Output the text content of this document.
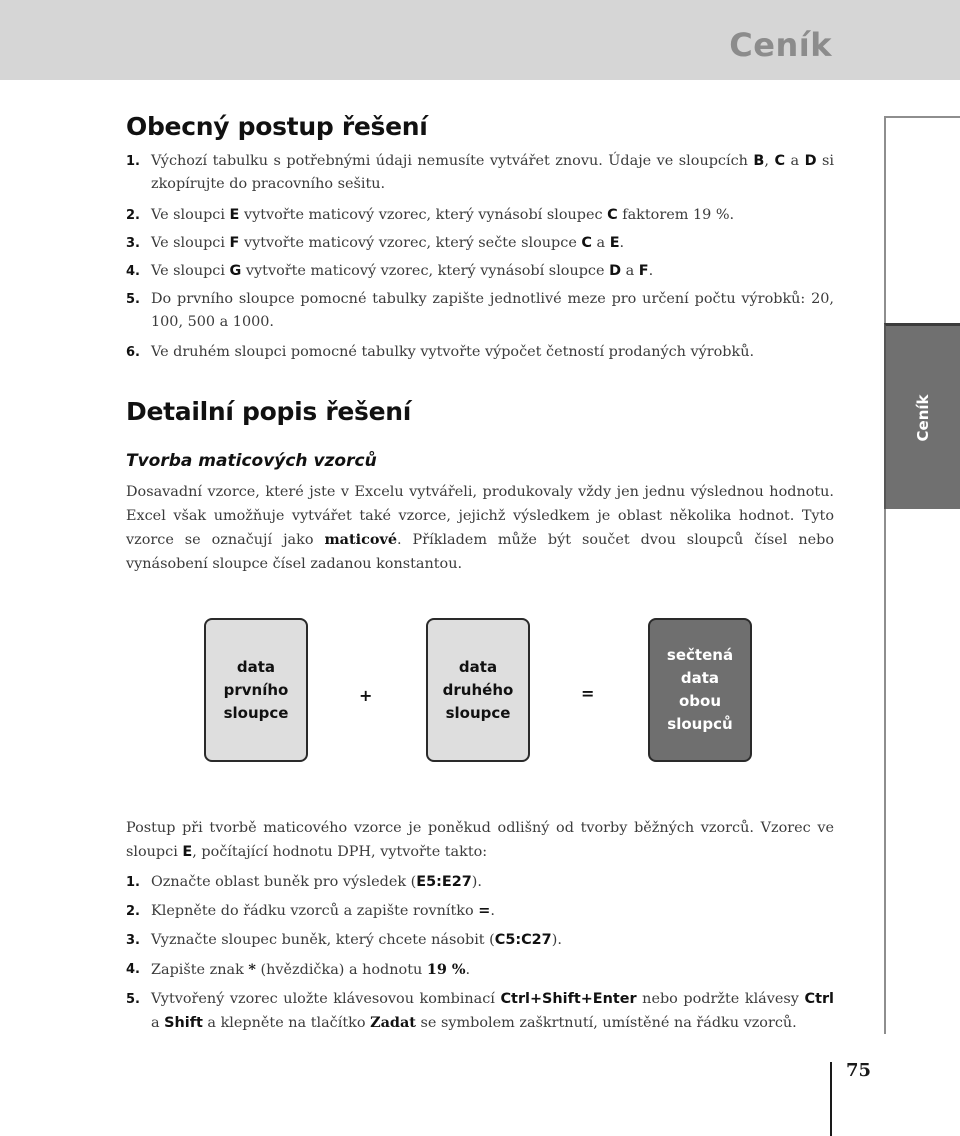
Ceník
Ceník
75
Obecný postup řešení
1. Výchozí tabulku s potřebnými údaji nemusíte vytvářet znovu. Údaje ve sloupcích B, C a D si zkopírujte do pracovního sešitu.
2. Ve sloupci E vytvořte maticový vzorec, který vynásobí sloupec C faktorem 19 %.
3. Ve sloupci F vytvořte maticový vzorec, který sečte sloupce C a E.
4. Ve sloupci G vytvořte maticový vzorec, který vynásobí sloupce D a F.
5. Do prvního sloupce pomocné tabulky zapište jednotlivé meze pro určení počtu výrobků: 20, 100, 500 a 1000.
6. Ve druhém sloupci pomocné tabulky vytvořte výpočet četností prodaných výrobků.
Detailní popis řešení
Tvorba maticových vzorců

Dosavadní vzorce, které jste v Excelu vytvářeli, produkovaly vždy jen jednu výslednou hodnotu. Excel však umožňuje vytvářet také vzorce, jejichž výsledkem je oblast několika hodnot. Tyto vzorce se označují jako maticové. Příkladem může být součet dvou sloupců čísel nebo vynásobení sloupce čísel zadanou konstantou.

data
prvního
sloupce
+
data
druhého
sloupce
=
sečtená
data
obou
sloupců

Postup při tvorbě maticového vzorce je poněkud odlišný od tvorby běžných vzorců. Vzorec ve sloupci E, počítající hodnotu DPH, vytvořte takto:

1. Označte oblast buněk pro výsledek (E5:E27).
2. Klepněte do řádku vzorců a zapište rovnítko =.
3. Vyznačte sloupec buněk, který chcete násobit (C5:C27).
4. Zapište znak * (hvězdička) a hodnotu 19 %.
5. Vytvořený vzorec uložte klávesovou kombinací Ctrl+Shift+Enter nebo podržte klávesy Ctrl a Shift a klepněte na tlačítko Zadat se symbolem zaškrtnutí, umístěné na řádku vzorců.
